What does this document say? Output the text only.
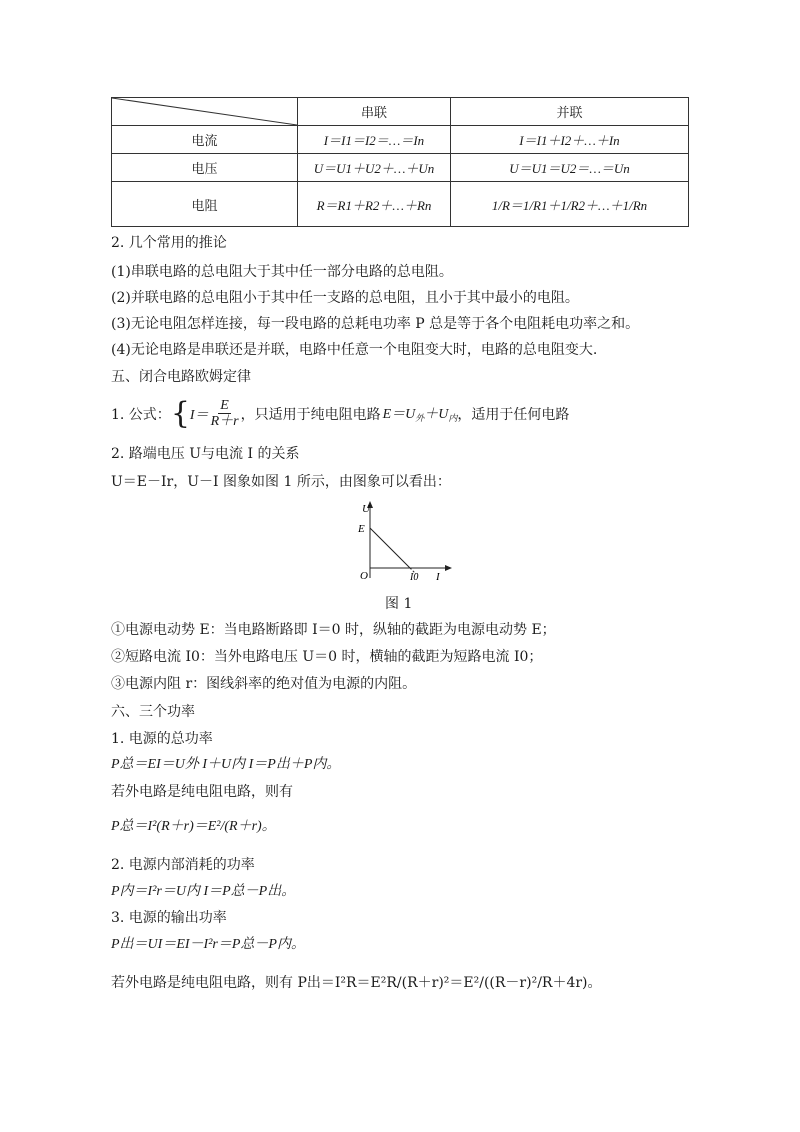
	串联	并联
电流	I＝I1＝I2＝…＝In	I＝I1＋I2＋…＋In
电压	U＝U1＋U2＋…＋Un	U＝U1＝U2＝…＝Un
电阻	R＝R1＋R2＋…＋Rn	1/R＝1/R1＋1/R2＋…＋1/Rn
2. 几个常用的推论
(1)串联电路的总电阻大于其中任一部分电路的总电阻。
(2)并联电路的总电阻小于其中任一支路的总电阻，且小于其中最小的电阻。
(3)无论电阻怎样连接，每一段电路的总耗电功率 P 总是等于各个电阻耗电功率之和。
(4)无论电路是串联还是并联，电路中任意一个电阻变大时，电路的总电阻变大.
五、闭合电路欧姆定律
1. 公式： { $I= \frac{E}{R+r}$ ，只适用于纯电阻电路 $E=U_外+U_内$ ，适用于任何电路
2. 路端电压 U与电流 I 的关系
U＝E－Ir，U－I 图象如图 1 所示，由图象可以看出：
U
E
O	I0 I
图 1
①电源电动势 E：当电路断路即 I＝0 时，纵轴的截距为电源电动势 E；
②短路电流 I0：当外电路电压 U＝0 时，横轴的截距为短路电流 I0；
③电源内阻 r：图线斜率的绝对值为电源的内阻。
六、三个功率
1. 电源的总功率
P总＝EI＝U外 I＋U内 I＝P出＋P内。
若外电路是纯电阻电路，则有
P总＝I²(R＋r)＝E²/(R＋r)。
2. 电源内部消耗的功率
P内＝I²r＝U内 I＝P总－P出。
3. 电源的输出功率
P出＝UI＝EI－I²r＝P总－P内。
若外电路是纯电阻电路，则有 P出＝I²R＝E²R/(R＋r)²＝E²/((R－r)²/R＋4r)。
